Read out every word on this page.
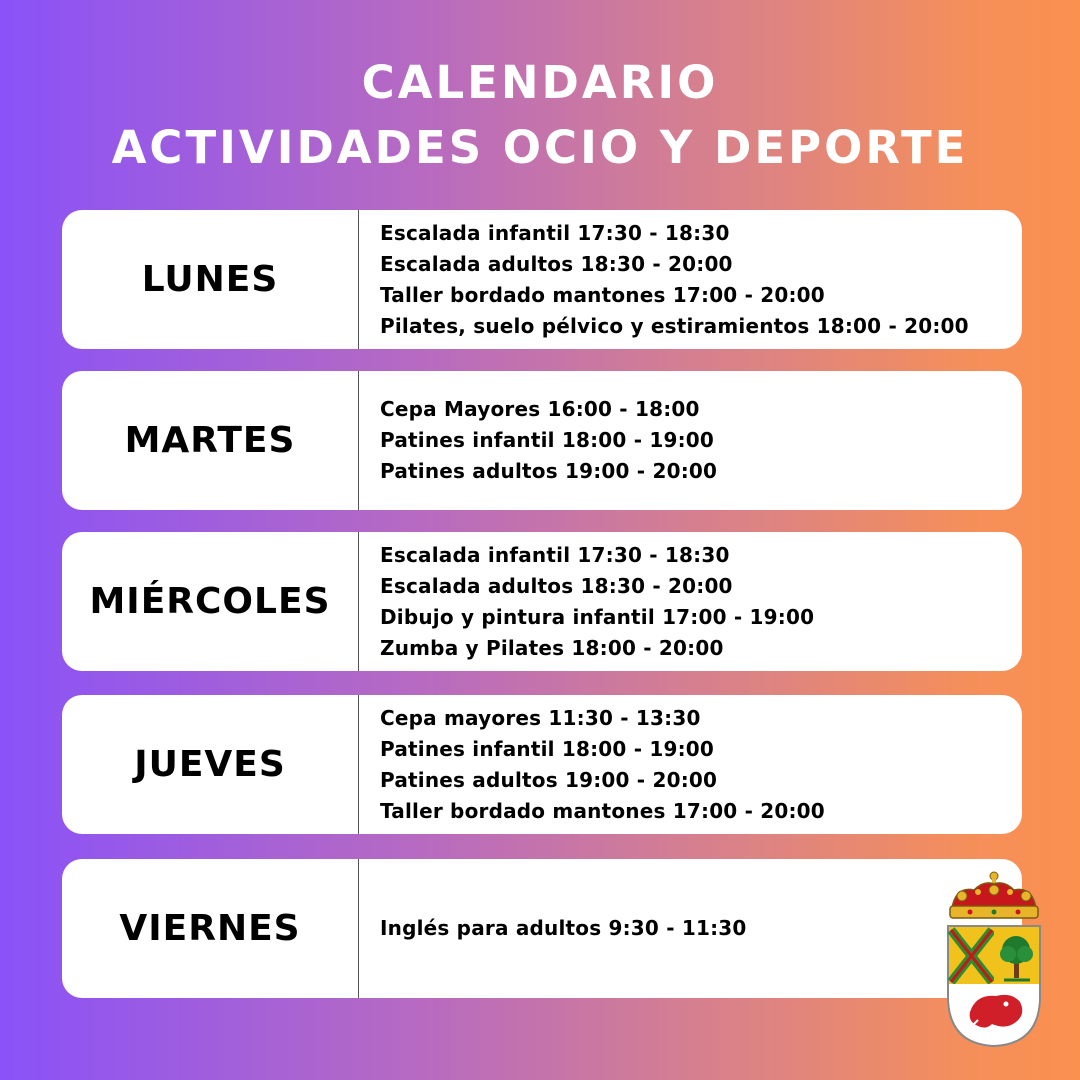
CALENDARIO
ACTIVIDADES OCIO Y DEPORTE
LUNES
Escalada infantil 17:30 - 18:30
Escalada adultos 18:30 - 20:00
Taller bordado mantones 17:00 - 20:00
Pilates, suelo pélvico y estiramientos 18:00 - 20:00
MARTES
Cepa Mayores 16:00 - 18:00
Patines infantil 18:00 - 19:00
Patines adultos 19:00 - 20:00
MIÉRCOLES
Escalada infantil 17:30 - 18:30
Escalada adultos 18:30 - 20:00
Dibujo y pintura infantil 17:00 - 19:00
Zumba y Pilates 18:00 - 20:00
JUEVES
Cepa mayores 11:30 - 13:30
Patines infantil 18:00 - 19:00
Patines adultos 19:00 - 20:00
Taller bordado mantones 17:00 - 20:00
VIERNES	Inglés para adultos 9:30 - 11:30
